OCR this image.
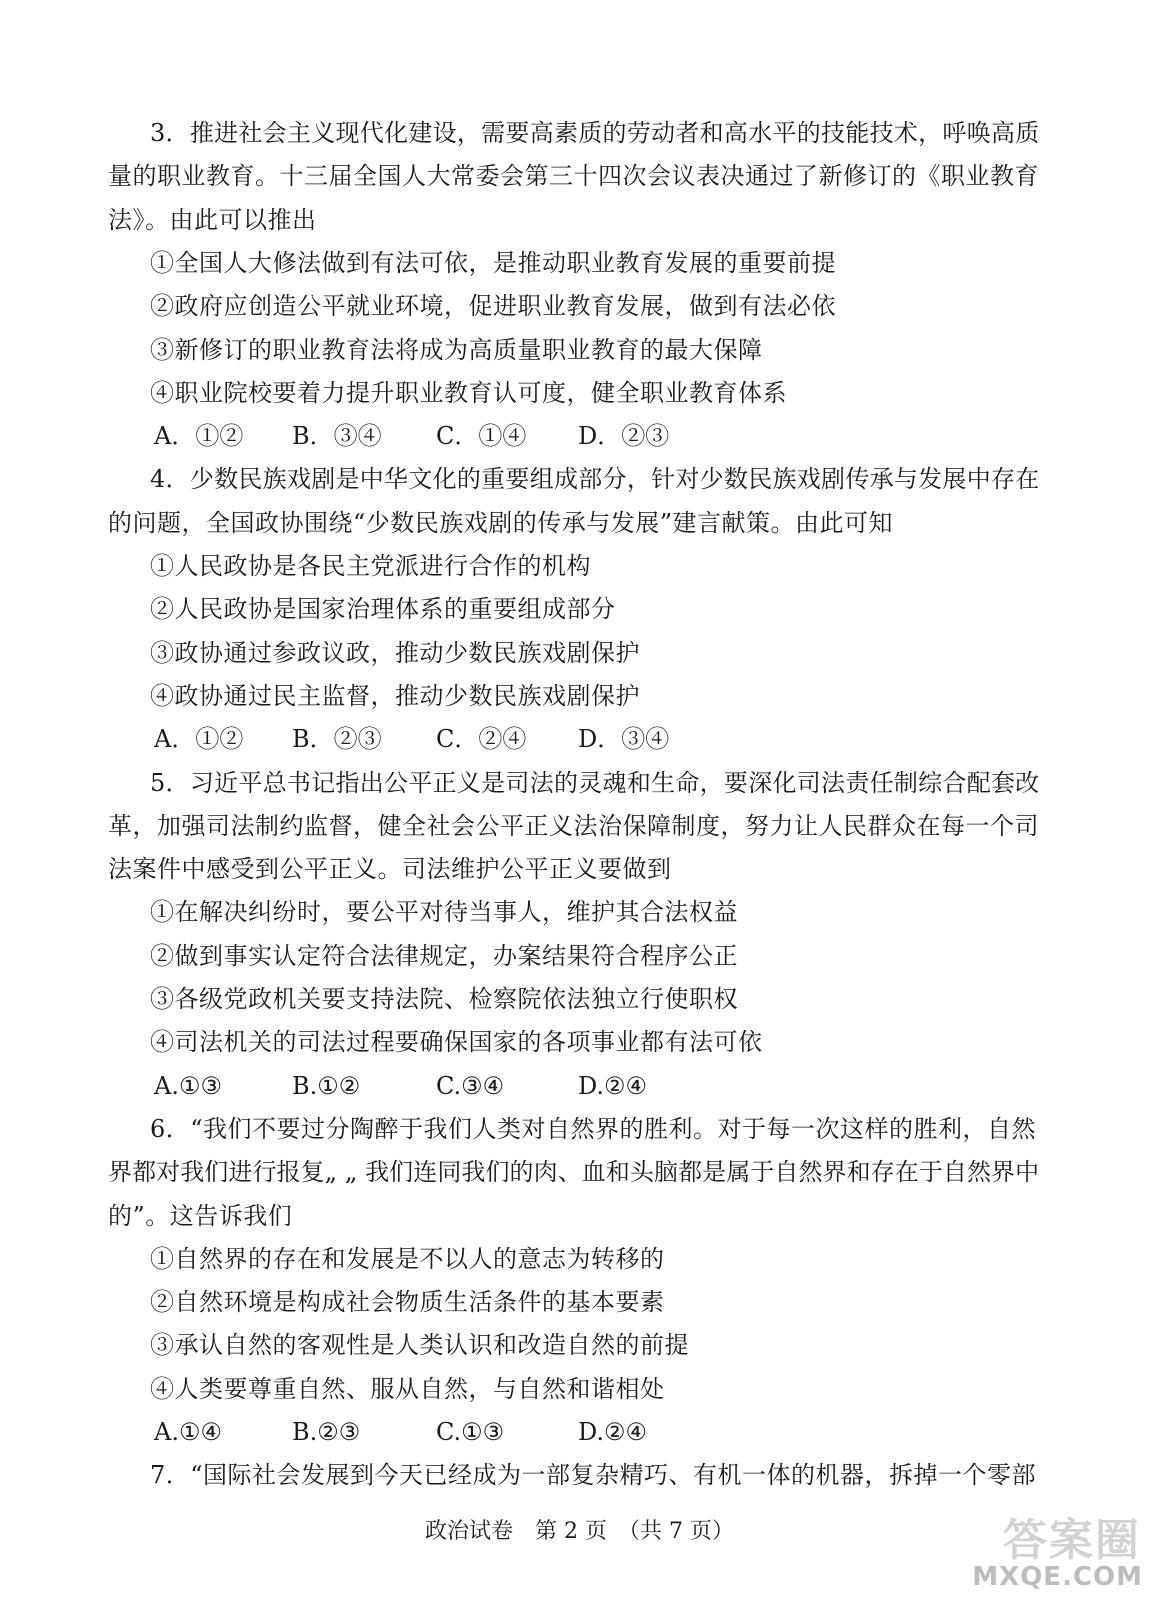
3．推进社会主义现代化建设，需要高素质的劳动者和高水平的技能技术，呼唤高质
量的职业教育。十三届全国人大常委会第三十四次会议表决通过了新修订的《职业教育
法》。由此可以推出
①全国人大修法做到有法可依，是推动职业教育发展的重要前提
②政府应创造公平就业环境，促进职业教育发展，做到有法必依
③新修订的职业教育法将成为高质量职业教育的最大保障
④职业院校要着力提升职业教育认可度，健全职业教育体系
A．①② B．③④ C．①④ D．②③
4．少数民族戏剧是中华文化的重要组成部分，针对少数民族戏剧传承与发展中存在
的问题，全国政协围绕“少数民族戏剧的传承与发展”建言献策。由此可知
①人民政协是各民主党派进行合作的机构
②人民政协是国家治理体系的重要组成部分
③政协通过参政议政，推动少数民族戏剧保护
④政协通过民主监督，推动少数民族戏剧保护
A．①② B．②③ C．②④ D．③④
5．习近平总书记指出公平正义是司法的灵魂和生命，要深化司法责任制综合配套改
革，加强司法制约监督，健全社会公平正义法治保障制度，努力让人民群众在每一个司
法案件中感受到公平正义。司法维护公平正义要做到
①在解决纠纷时，要公平对待当事人，维护其合法权益
②做到事实认定符合法律规定，办案结果符合程序公正
③各级党政机关要支持法院、检察院依法独立行使职权
④司法机关的司法过程要确保国家的各项事业都有法可依
A.①③	B.①②	C.③④	D.②④
6．“我们不要过分陶醉于我们人类对自然界的胜利。对于每一次这样的胜利，自然
界都对我们进行报复„ „ 我们连同我们的肉、血和头脑都是属于自然界和存在于自然界中
的”。这告诉我们
①自然界的存在和发展是不以人的意志为转移的
②自然环境是构成社会物质生活条件的基本要素
③承认自然的客观性是人类认识和改造自然的前提
④人类要尊重自然、服从自然，与自然和谐相处
A.①④	B.②③	C.①③	D.②④
7．“国际社会发展到今天已经成为一部复杂精巧、有机一体的机器，拆掉一个零部
政治试卷　第 2 页　（共 7 页）	答案圈
MXQE.COM
